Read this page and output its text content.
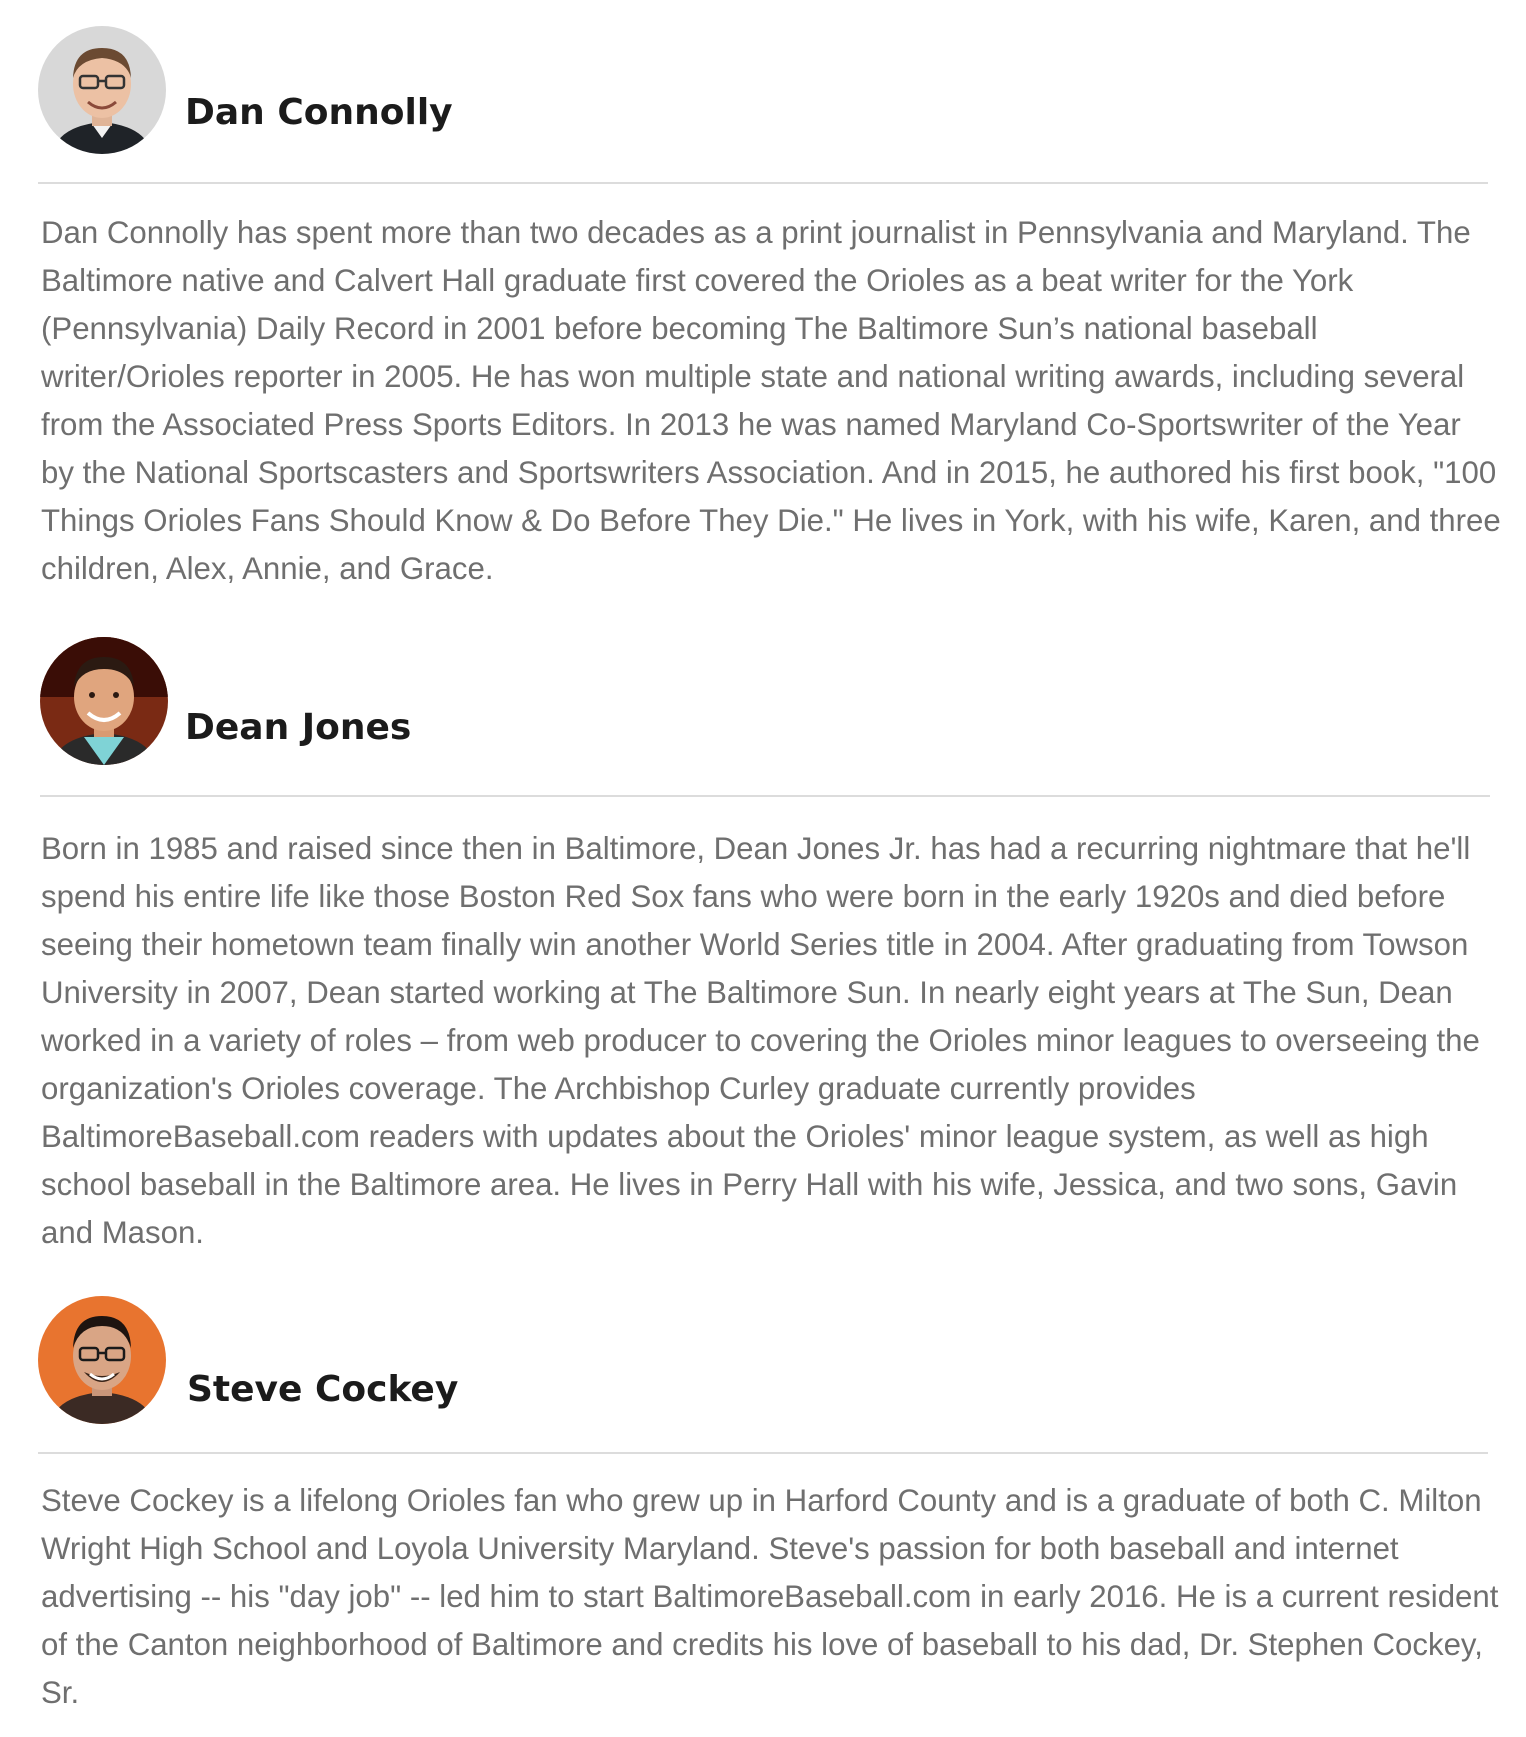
Dan Connolly

Dan Connolly has spent more than two decades as a print journalist in Pennsylvania and Maryland. The Baltimore native and Calvert Hall graduate first covered the Orioles as a beat writer for the York (Pennsylvania) Daily Record in 2001 before becoming The Baltimore Sun’s national baseball writer/Orioles reporter in 2005. He has won multiple state and national writing awards, including several from the Associated Press Sports Editors. In 2013 he was named Maryland Co-Sportswriter of the Year by the National Sportscasters and Sportswriters Association. And in 2015, he authored his first book, "100 Things Orioles Fans Should Know & Do Before They Die." He lives in York, with his wife, Karen, and three children, Alex, Annie, and Grace.

Dean Jones

Born in 1985 and raised since then in Baltimore, Dean Jones Jr. has had a recurring nightmare that he'll spend his entire life like those Boston Red Sox fans who were born in the early 1920s and died before seeing their hometown team finally win another World Series title in 2004. After graduating from Towson University in 2007, Dean started working at The Baltimore Sun. In nearly eight years at The Sun, Dean worked in a variety of roles – from web producer to covering the Orioles minor leagues to overseeing the organization's Orioles coverage. The Archbishop Curley graduate currently provides BaltimoreBaseball.com readers with updates about the Orioles' minor league system, as well as high school baseball in the Baltimore area. He lives in Perry Hall with his wife, Jessica, and two sons, Gavin and Mason.

Steve Cockey

Steve Cockey is a lifelong Orioles fan who grew up in Harford County and is a graduate of both C. Milton Wright High School and Loyola University Maryland. Steve's passion for both baseball and internet advertising -- his "day job" -- led him to start BaltimoreBaseball.com in early 2016. He is a current resident of the Canton neighborhood of Baltimore and credits his love of baseball to his dad, Dr. Stephen Cockey, Sr.
